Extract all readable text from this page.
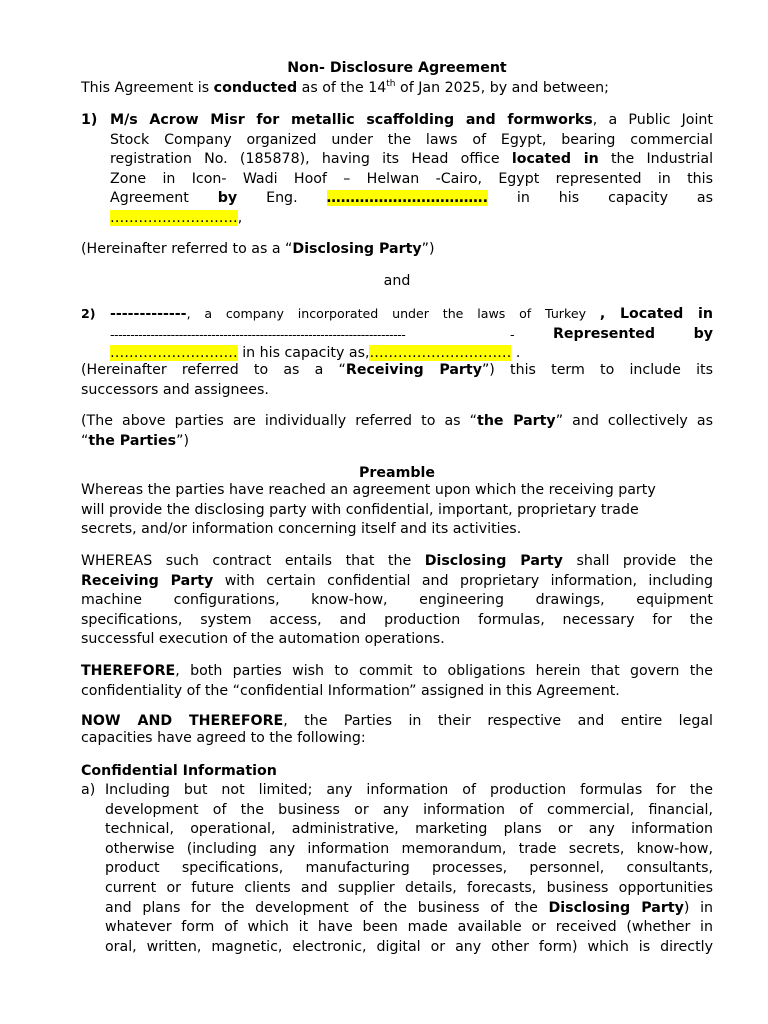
Non- Disclosure Agreement
This Agreement is conducted as of the 14th of Jan 2025, by and between;
1) M/s Acrow Misr for metallic scaffolding and formworks, a Public Joint
Stock Company organized under the laws of Egypt, bearing commercial
registration No. (185878), having its Head office located in the Industrial
Zone in Icon- Wadi Hoof – Helwan -Cairo, Egypt represented in this
Agreement by Eng. ……………………………. in his capacity as
………………………,
(Hereinafter referred to as a “Disclosing Party”)
and
2) -------------, a company incorporated under the laws of Turkey , Located in
-------------------------------------------------------------------------	-	Represented	by
……………………… in his capacity as,………………………… .
(Hereinafter referred to as a “Receiving Party”) this term to include its
successors and assignees.
(The above parties are individually referred to as “the Party” and collectively as
“the Parties”)
Preamble
Whereas the parties have reached an agreement upon which the receiving party
will provide the disclosing party with confidential, important, proprietary trade
secrets, and/or information concerning itself and its activities.
WHEREAS such contract entails that the Disclosing Party shall provide the
Receiving Party with certain confidential and proprietary information, including
machine configurations, know-how, engineering drawings, equipment
specifications, system access, and production formulas, necessary for the
successful execution of the automation operations.
THEREFORE, both parties wish to commit to obligations herein that govern the
confidentiality of the “confidential Information” assigned in this Agreement.
NOW AND THEREFORE, the Parties in their respective and entire legal
capacities have agreed to the following:
Confidential Information
a) Including but not limited; any information of production formulas for the
development of the business or any information of commercial, financial,
technical, operational, administrative, marketing plans or any information
otherwise (including any information memorandum, trade secrets, know-how,
product specifications, manufacturing processes, personnel, consultants,
current or future clients and supplier details, forecasts, business opportunities
and plans for the development of the business of the Disclosing Party) in
whatever form of which it have been made available or received (whether in
oral, written, magnetic, electronic, digital or any other form) which is directly
